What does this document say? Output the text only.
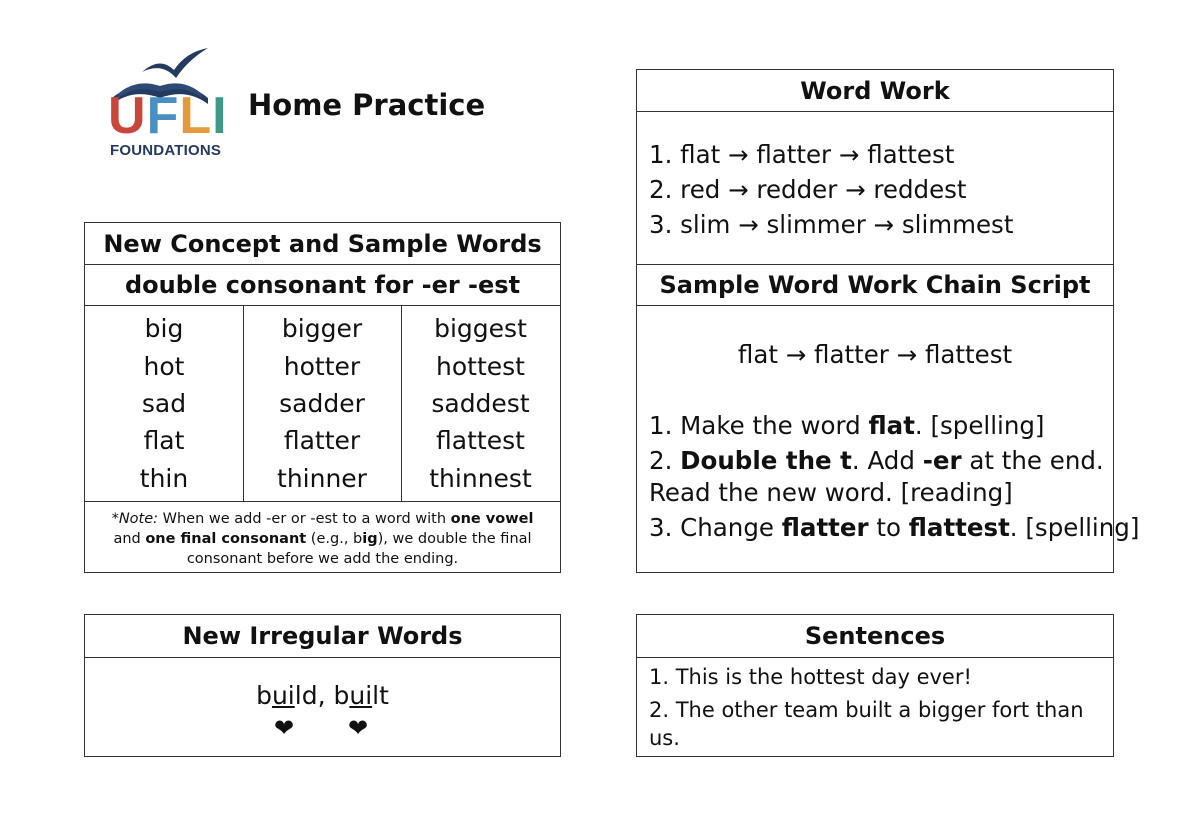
UFLI
FOUNDATIONS
Home Practice
New Concept and Sample Words
double consonant for -er -est
big
hot
sad
flat
thin
bigger
hotter
sadder
flatter
thinner
biggest
hottest
saddest
flattest
thinnest
*Note: When we add -er or -est to a word with one vowel
and one final consonant (e.g., big), we double the final
consonant before we add the ending.
New Irregular Words
build, built
❤ ❤
Word Work
1. flat → flatter → flattest
2. red → redder → reddest
3. slim → slimmer → slimmest
Sample Word Work Chain Script
flat → flatter → flattest
1. Make the word flat. [spelling]
2. Double the t. Add -er at the end.
Read the new word. [reading]
3. Change flatter to flattest. [spelling]
Sentences
1. This is the hottest day ever!
2. The other team built a bigger fort than
us.
